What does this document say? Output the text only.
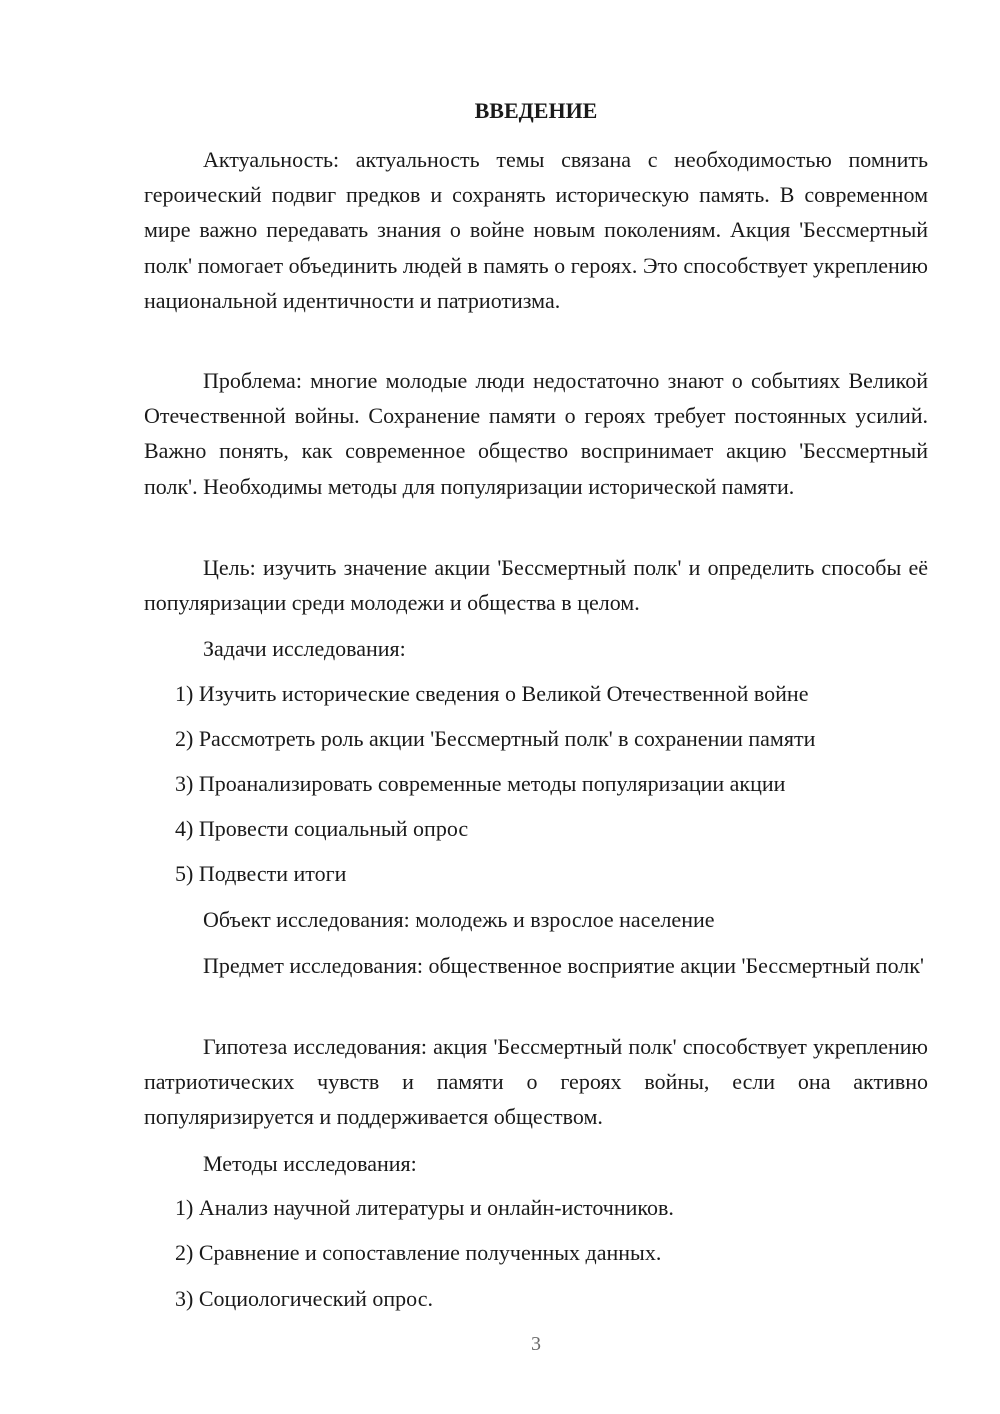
ВВЕДЕНИЕ

Актуальность: актуальность темы связана с необходимостью помнить героический подвиг предков и сохранять историческую память. В современном мире важно передавать знания о войне новым поколениям. Акция 'Бессмертный полк' помогает объединить людей в память о героях. Это способствует укреплению национальной идентичности и патриотизма.

Проблема: многие молодые люди недостаточно знают о событиях Великой Отечественной войны. Сохранение памяти о героях требует постоянных усилий. Важно понять, как современное общество воспринимает акцию 'Бессмертный полк'. Необходимы методы для популяризации исторической памяти.

Цель: изучить значение акции 'Бессмертный полк' и определить способы её популяризации среди молодежи и общества в целом.

Задачи исследования:

1) Изучить исторические сведения о Великой Отечественной войне

2) Рассмотреть роль акции 'Бессмертный полк' в сохранении памяти

3) Проанализировать современные методы популяризации акции

4) Провести социальный опрос

5) Подвести итоги

Объект исследования: молодежь и взрослое население

Предмет исследования: общественное восприятие акции 'Бессмертный полк'

Гипотеза исследования: акция 'Бессмертный полк' способствует укреплению патриотических чувств и памяти о героях войны, если она активно популяризируется и поддерживается обществом.

Методы исследования:

1) Анализ научной литературы и онлайн-источников.

2) Сравнение и сопоставление полученных данных.

3) Социологический опрос.

3
